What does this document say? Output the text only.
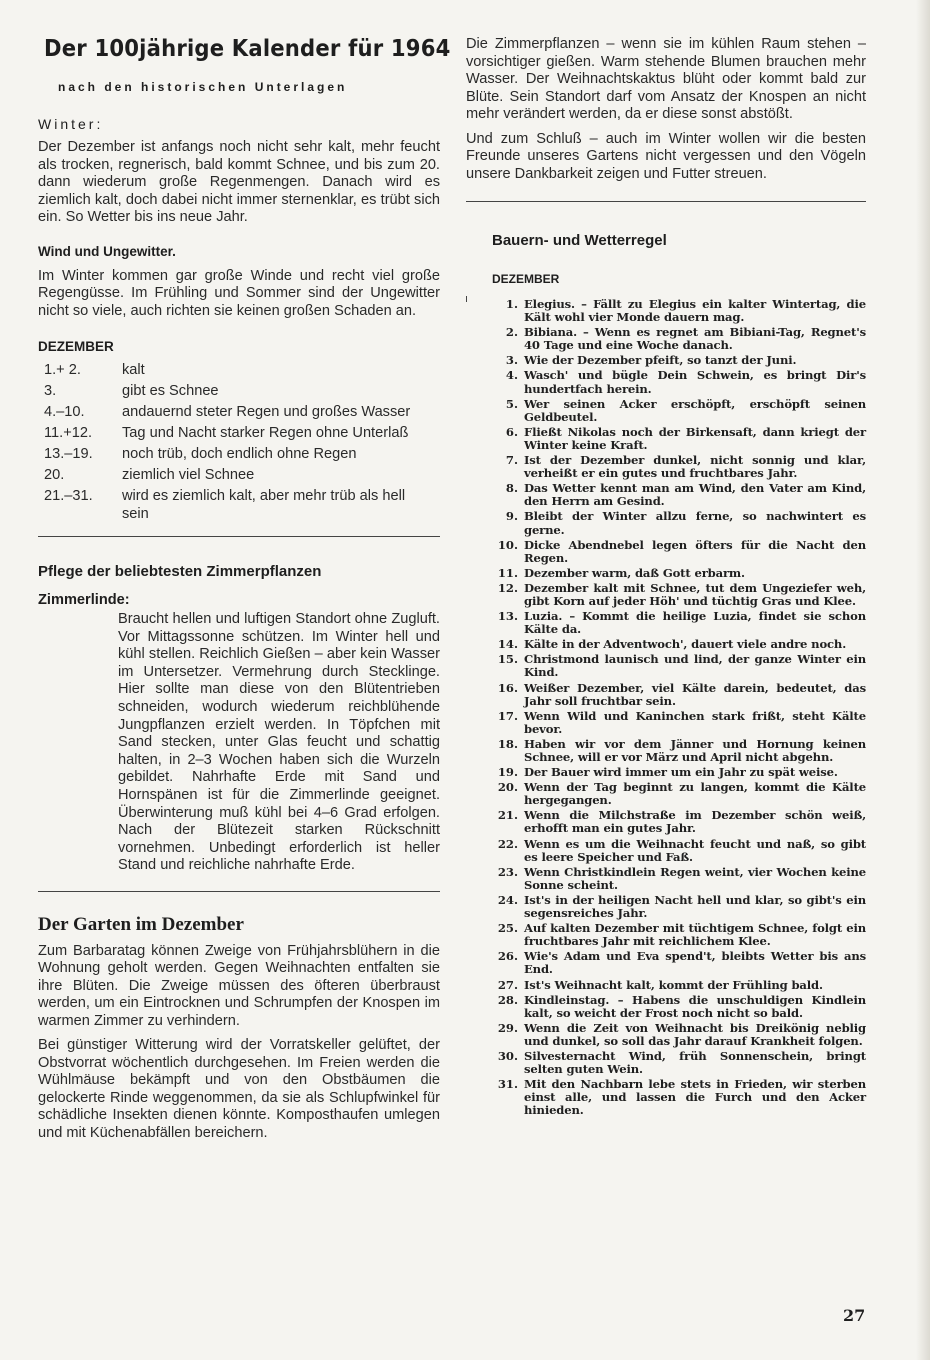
Der 100jährige Kalender für 1964
nach den historischen Unterlagen
Winter:

Der Dezember ist anfangs noch nicht sehr kalt, mehr feucht als trocken, regnerisch, bald kommt Schnee, und bis zum 20. dann wiederum große Regenmengen. Danach wird es ziemlich kalt, doch dabei nicht immer sternenklar, es trübt sich ein. So Wetter bis ins neue Jahr.

Wind und Ungewitter.

Im Winter kommen gar große Winde und recht viel große Regengüsse. Im Frühling und Sommer sind der Ungewitter nicht so viele, auch richten sie keinen großen Schaden an.

DEZEMBER
1.+ 2.	kalt
3.	gibt es Schnee
4.–10.	andauernd steter Regen und großes Wasser
11.+12.	Tag und Nacht starker Regen ohne Unterlaß
13.–19.	noch trüb, doch endlich ohne Regen
20.	ziemlich viel Schnee
21.–31.	wird es ziemlich kalt, aber mehr trüb als hell sein
Pflege der beliebtesten Zimmerpflanzen
Zimmerlinde:

Braucht hellen und luftigen Standort ohne Zugluft. Vor Mittagssonne schützen. Im Winter hell und kühl stellen. Reichlich Gießen – aber kein Wasser im Untersetzer. Vermehrung durch Stecklinge. Hier sollte man diese von den Blütentrieben schneiden, wodurch wiederum reichblühende Jungpflanzen erzielt werden. In Töpfchen mit Sand stecken, unter Glas feucht und schattig halten, in 2–3 Wochen haben sich die Wurzeln gebildet. Nahrhafte Erde mit Sand und Hornspänen ist für die Zimmerlinde geeignet. Überwinterung muß kühl bei 4–6 Grad erfolgen. Nach der Blütezeit starken Rückschnitt vornehmen. Unbedingt erforderlich ist heller Stand und reichliche nahrhafte Erde.

Der Garten im Dezember

Zum Barbaratag können Zweige von Frühjahrsblühern in die Wohnung geholt werden. Gegen Weihnachten entfalten sie ihre Blüten. Die Zweige müssen des öfteren überbraust werden, um ein Eintrocknen und Schrumpfen der Knospen im warmen Zimmer zu verhindern.

Bei günstiger Witterung wird der Vorratskeller gelüftet, der Obstvorrat wöchentlich durchgesehen. Im Freien werden die Wühlmäuse bekämpft und von den Obstbäumen die gelockerte Rinde weggenommen, da sie als Schlupfwinkel für schädliche Insekten dienen könnte. Komposthaufen umlegen und mit Küchenabfällen bereichern.

Die Zimmerpflanzen – wenn sie im kühlen Raum stehen – vorsichtiger gießen. Warm stehende Blumen brauchen mehr Wasser. Der Weihnachtskaktus blüht oder kommt bald zur Blüte. Sein Standort darf vom Ansatz der Knospen an nicht mehr verändert werden, da er diese sonst abstößt.

Und zum Schluß – auch im Winter wollen wir die besten Freunde unseres Gartens nicht vergessen und den Vögeln unsere Dankbarkeit zeigen und Futter streuen.

Bauern- und Wetterregel
DEZEMBER
1. Elegius. – Fällt zu Elegius ein kalter Wintertag, die Kält wohl vier Monde dauern mag.
2. Bibiana. – Wenn es regnet am Bibiani-Tag, Regnet's 40 Tage und eine Woche danach.
3. Wie der Dezember pfeift, so tanzt der Juni.
4. Wasch' und bügle Dein Schwein, es bringt Dir's hundertfach herein.
5. Wer seinen Acker erschöpft, erschöpft seinen Geldbeutel.
6. Fließt Nikolas noch der Birkensaft, dann kriegt der Winter keine Kraft.
7. Ist der Dezember dunkel, nicht sonnig und klar, verheißt er ein gutes und fruchtbares Jahr.
8. Das Wetter kennt man am Wind, den Vater am Kind, den Herrn am Gesind.
9. Bleibt der Winter allzu ferne, so nachwintert es gerne.
10. Dicke Abendnebel legen öfters für die Nacht den Regen.
11. Dezember warm, daß Gott erbarm.
12. Dezember kalt mit Schnee, tut dem Ungeziefer weh, gibt Korn auf jeder Höh' und tüchtig Gras und Klee.
13. Luzia. – Kommt die heilige Luzia, findet sie schon Kälte da.
14. Kälte in der Adventwoch', dauert viele andre noch.
15. Christmond launisch und lind, der ganze Winter ein Kind.
16. Weißer Dezember, viel Kälte darein, bedeutet, das Jahr soll fruchtbar sein.
17. Wenn Wild und Kaninchen stark frißt, steht Kälte bevor.
18. Haben wir vor dem Jänner und Hornung keinen Schnee, will er vor März und April nicht abgehn.
19. Der Bauer wird immer um ein Jahr zu spät weise.
20. Wenn der Tag beginnt zu langen, kommt die Kälte hergegangen.
21. Wenn die Milchstraße im Dezember schön weiß, erhofft man ein gutes Jahr.
22. Wenn es um die Weihnacht feucht und naß, so gibt es leere Speicher und Faß.
23. Wenn Christkindlein Regen weint, vier Wochen keine Sonne scheint.
24. Ist's in der heiligen Nacht hell und klar, so gibt's ein segensreiches Jahr.
25. Auf kalten Dezember mit tüchtigem Schnee, folgt ein fruchtbares Jahr mit reichlichem Klee.
26. Wie's Adam und Eva spend't, bleibts Wetter bis ans End.
27. Ist's Weihnacht kalt, kommt der Frühling bald.
28. Kindleinstag. – Habens die unschuldigen Kindlein kalt, so weicht der Frost noch nicht so bald.
29. Wenn die Zeit von Weihnacht bis Dreikönig neblig und dunkel, so soll das Jahr darauf Krankheit folgen.
30. Silvesternacht Wind, früh Sonnenschein, bringt selten guten Wein.
31. Mit den Nachbarn lebe stets in Frieden, wir sterben einst alle, und lassen die Furch und den Acker hinieden.
27
